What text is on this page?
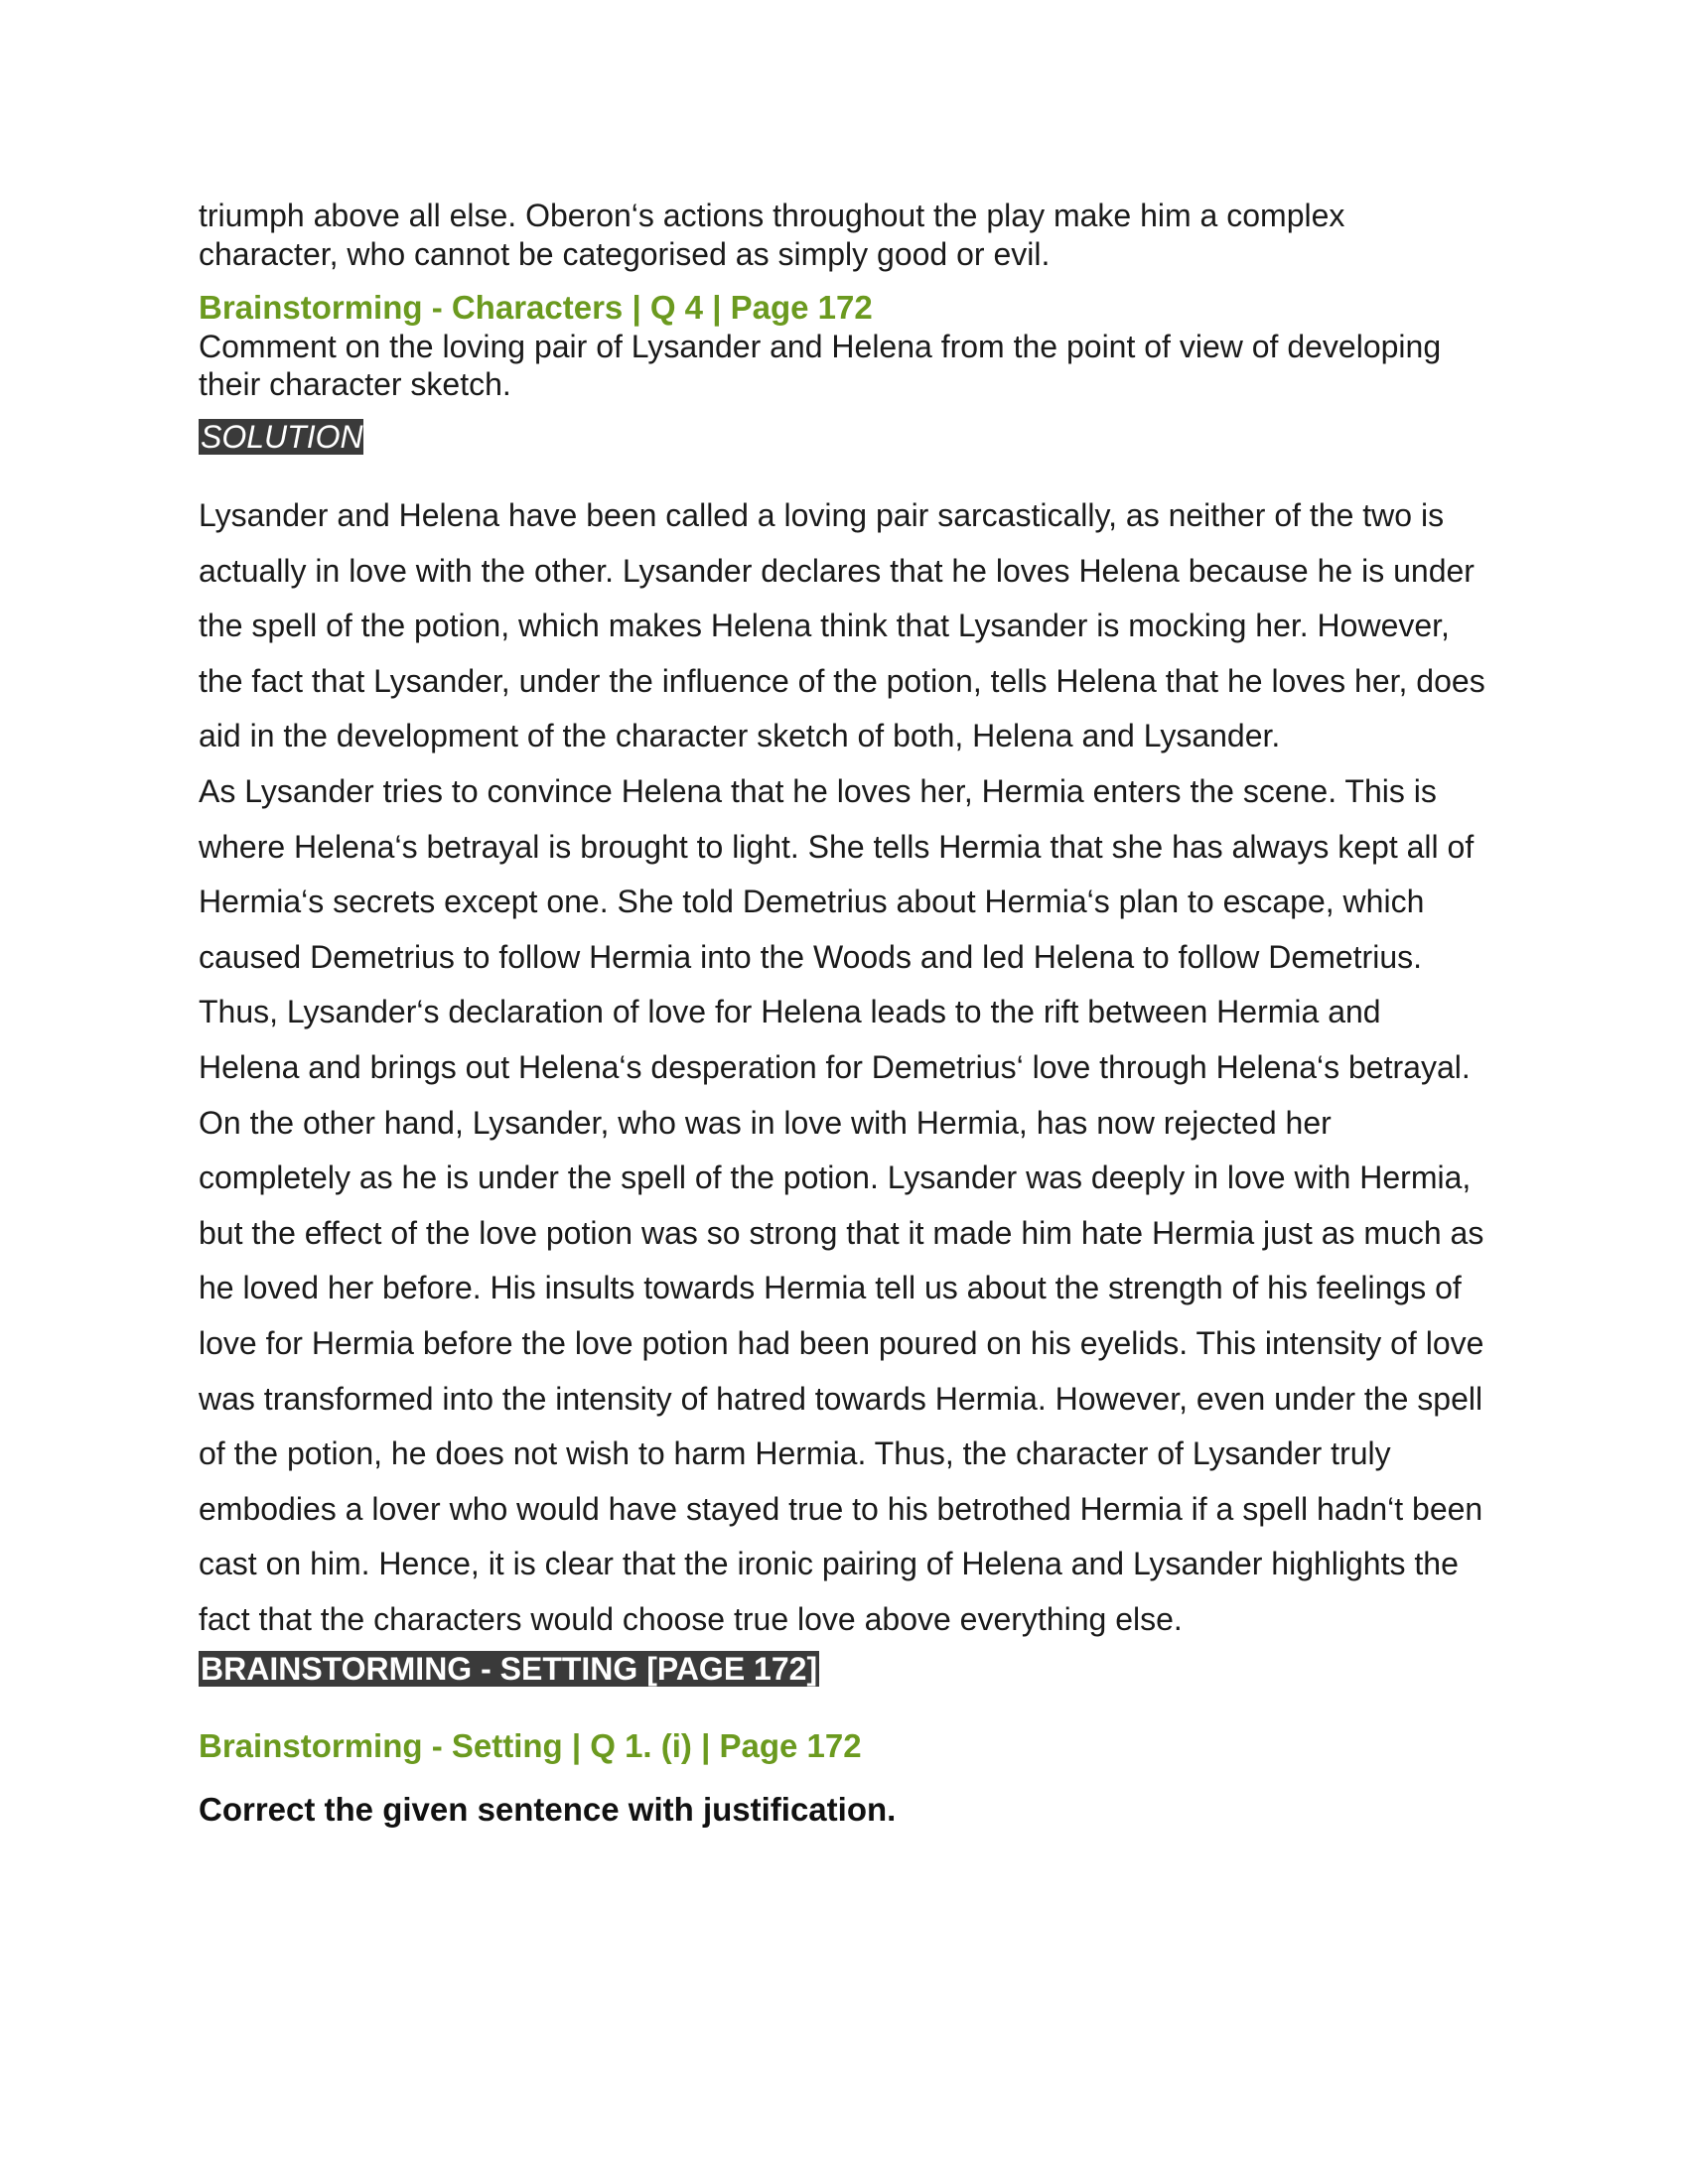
triumph above all else. Oberon‘s actions throughout the play make him a complex character, who cannot be categorised as simply good or evil.

Brainstorming - Characters | Q 4 | Page 172

Comment on the loving pair of Lysander and Helena from the point of view of developing their character sketch.

SOLUTION

Lysander and Helena have been called a loving pair sarcastically, as neither of the two is actually in love with the other. Lysander declares that he loves Helena because he is under the spell of the potion, which makes Helena think that Lysander is mocking her. However, the fact that Lysander, under the influence of the potion, tells Helena that he loves her, does aid in the development of the character sketch of both, Helena and Lysander.

As Lysander tries to convince Helena that he loves her, Hermia enters the scene. This is where Helena‘s betrayal is brought to light. She tells Hermia that she has always kept all of Hermia‘s secrets except one. She told Demetrius about Hermia‘s plan to escape, which caused Demetrius to follow Hermia into the Woods and led Helena to follow Demetrius. Thus, Lysander‘s declaration of love for Helena leads to the rift between Hermia and Helena and brings out Helena‘s desperation for Demetrius‘ love through Helena‘s betrayal. On the other hand, Lysander, who was in love with Hermia, has now rejected her completely as he is under the spell of the potion. Lysander was deeply in love with Hermia, but the effect of the love potion was so strong that it made him hate Hermia just as much as he loved her before. His insults towards Hermia tell us about the strength of his feelings of love for Hermia before the love potion had been poured on his eyelids. This intensity of love was transformed into the intensity of hatred towards Hermia. However, even under the spell of the potion, he does not wish to harm Hermia. Thus, the character of Lysander truly embodies a lover who would have stayed true to his betrothed Hermia if a spell hadn‘t been cast on him. Hence, it is clear that the ironic pairing of Helena and Lysander highlights the fact that the characters would choose true love above everything else.

BRAINSTORMING - SETTING [PAGE 172]

Brainstorming - Setting | Q 1. (i) | Page 172

Correct the given sentence with justification.
